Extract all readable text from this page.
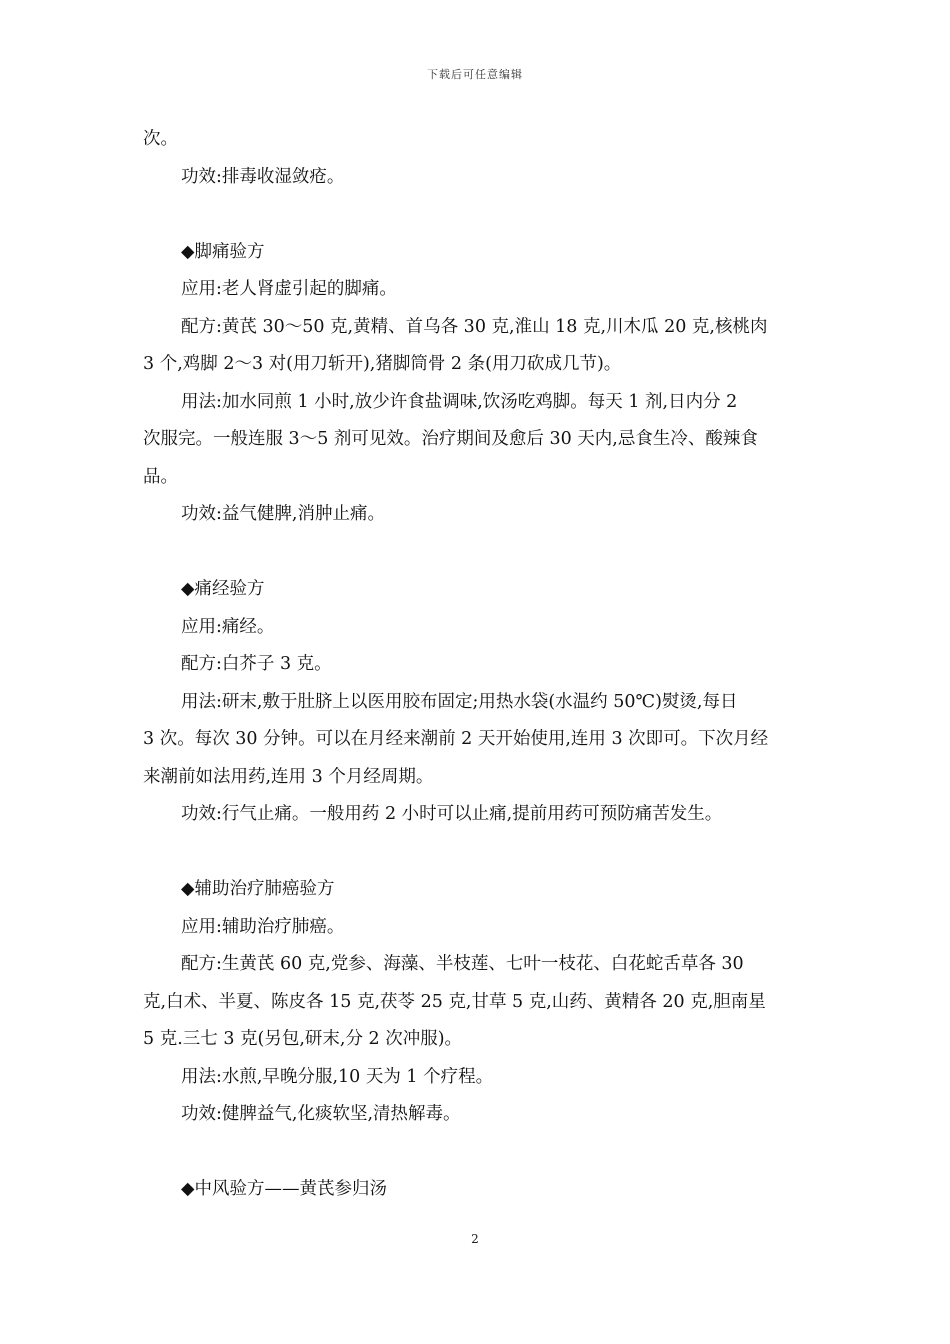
下载后可任意编辑
次。
功效:排毒收湿敛疮。
◆脚痛验方
应用:老人肾虚引起的脚痛。
配方:黄芪 30～50 克,黄精、首乌各 30 克,淮山 18 克,川木瓜 20 克,核桃肉
3 个,鸡脚 2～3 对(用刀斩开),猪脚筒骨 2 条(用刀砍成几节)。
用法:加水同煎 1 小时,放少许食盐调味,饮汤吃鸡脚。每天 1 剂,日内分 2
次服完。一般连服 3～5 剂可见效。治疗期间及愈后 30 天内,忌食生冷、酸辣食
品。
功效:益气健脾,消肿止痛。
◆痛经验方
应用:痛经。
配方:白芥子 3 克。
用法:研末,敷于肚脐上以医用胶布固定;用热水袋(水温约 50℃)熨烫,每日
3 次。每次 30 分钟。可以在月经来潮前 2 天开始使用,连用 3 次即可。下次月经
来潮前如法用药,连用 3 个月经周期。
功效:行气止痛。一般用药 2 小时可以止痛,提前用药可预防痛苦发生。
◆辅助治疗肺癌验方
应用:辅助治疗肺癌。
配方:生黄芪 60 克,党参、海藻、半枝莲、七叶一枝花、白花蛇舌草各 30
克,白术、半夏、陈皮各 15 克,茯苓 25 克,甘草 5 克,山药、黄精各 20 克,胆南星
5 克.三七 3 克(另包,研末,分 2 次冲服)。
用法:水煎,早晚分服,10 天为 1 个疗程。
功效:健脾益气,化痰软坚,清热解毒。
◆中风验方——黄芪参归汤
2
